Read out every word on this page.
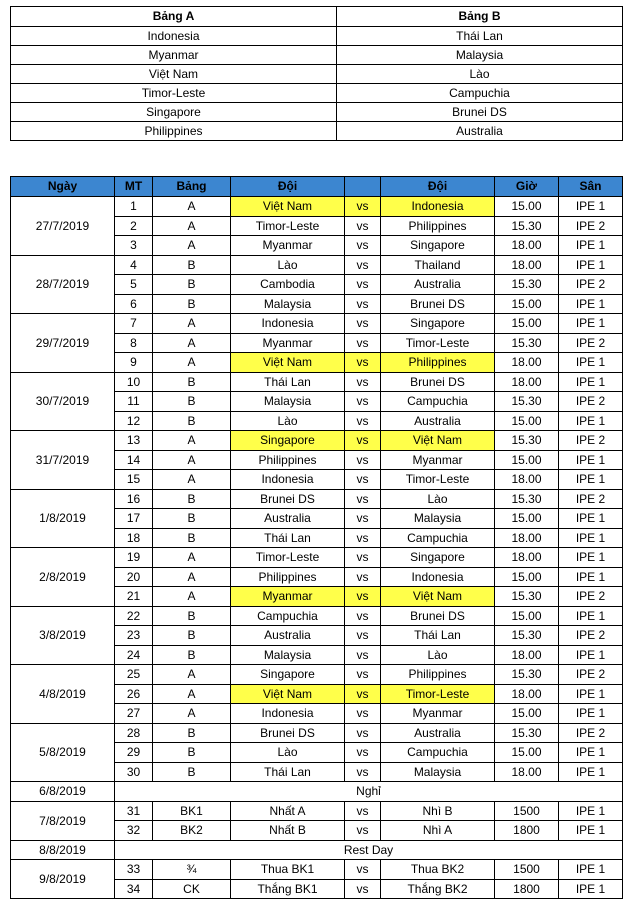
Bảng A	Bảng B
Indonesia	Thái Lan
Myanmar	Malaysia
Việt Nam	Lào
Timor-Leste	Campuchia
Singapore	Brunei DS
Philippines	Australia
Ngày	MT	Bảng	Đội		Đội	Giờ	Sân
27/7/2019	1	A	Việt Nam	vs	Indonesia	15.00	IPE 1
	2	A	Timor-Leste	vs	Philippines	15.30	IPE 2
	3	A	Myanmar	vs	Singapore	18.00	IPE 1
28/7/2019	4	B	Lào	vs	Thailand	18.00	IPE 1
	5	B	Cambodia	vs	Australia	15.30	IPE 2
	6	B	Malaysia	vs	Brunei DS	15.00	IPE 1
29/7/2019	7	A	Indonesia	vs	Singapore	15.00	IPE 1
	8	A	Myanmar	vs	Timor-Leste	15.30	IPE 2
	9	A	Việt Nam	vs	Philippines	18.00	IPE 1
30/7/2019	10	B	Thái Lan	vs	Brunei DS	18.00	IPE 1
	11	B	Malaysia	vs	Campuchia	15.30	IPE 2
	12	B	Lào	vs	Australia	15.00	IPE 1
31/7/2019	13	A	Singapore	vs	Việt Nam	15.30	IPE 2
	14	A	Philippines	vs	Myanmar	15.00	IPE 1
	15	A	Indonesia	vs	Timor-Leste	18.00	IPE 1
1/8/2019	16	B	Brunei DS	vs	Lào	15.30	IPE 2
	17	B	Australia	vs	Malaysia	15.00	IPE 1
	18	B	Thái Lan	vs	Campuchia	18.00	IPE 1
2/8/2019	19	A	Timor-Leste	vs	Singapore	18.00	IPE 1
	20	A	Philippines	vs	Indonesia	15.00	IPE 1
	21	A	Myanmar	vs	Việt Nam	15.30	IPE 2
3/8/2019	22	B	Campuchia	vs	Brunei DS	15.00	IPE 1
	23	B	Australia	vs	Thái Lan	15.30	IPE 2
	24	B	Malaysia	vs	Lào	18.00	IPE 1
4/8/2019	25	A	Singapore	vs	Philippines	15.30	IPE 2
	26	A	Việt Nam	vs	Timor-Leste	18.00	IPE 1
	27	A	Indonesia	vs	Myanmar	15.00	IPE 1
5/8/2019	28	B	Brunei DS	vs	Australia	15.30	IPE 2
	29	B	Lào	vs	Campuchia	15.00	IPE 1
	30	B	Thái Lan	vs	Malaysia	18.00	IPE 1
6/8/2019	Nghỉ						
7/8/2019	31	BK1	Nhất A	vs	Nhì B	1500	IPE 1
	32	BK2	Nhất B	vs	Nhì A	1800	IPE 1
8/8/2019	Rest Day						
9/8/2019	33	¾	Thua BK1	vs	Thua BK2	1500	IPE 1
	34	CK	Thắng BK1	vs	Thắng BK2	1800	IPE 1
